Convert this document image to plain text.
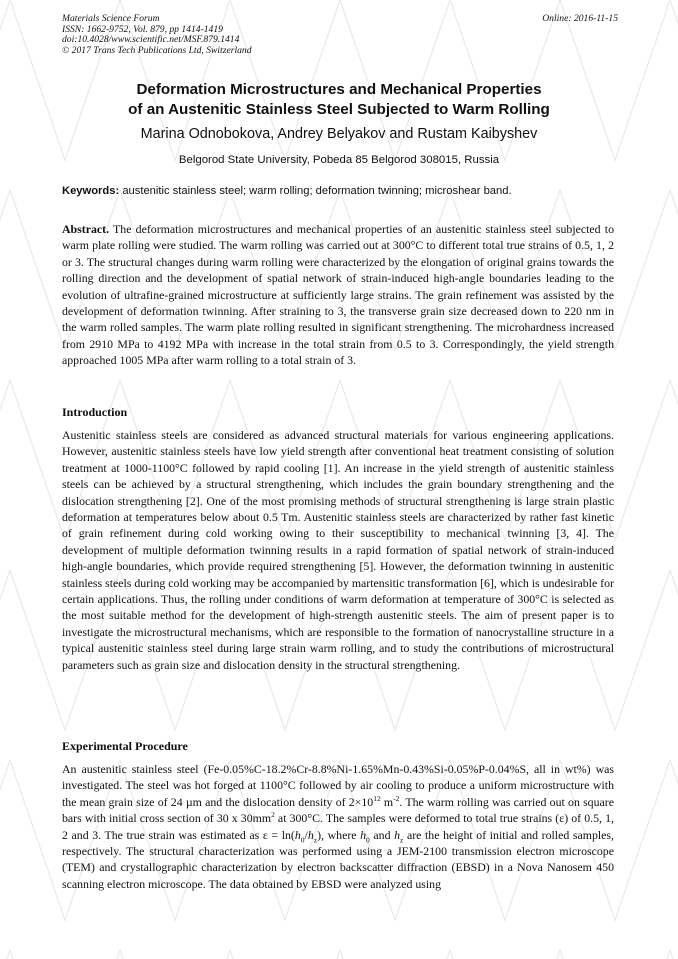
Materials Science Forum
ISSN: 1662-9752, Vol. 879, pp 1414-1419
doi:10.4028/www.scientific.net/MSF.879.1414
© 2017 Trans Tech Publications Ltd, Switzerland
Online: 2016-11-15
Deformation Microstructures and Mechanical Properties
of an Austenitic Stainless Steel Subjected to Warm Rolling
Marina Odnobokova, Andrey Belyakov and Rustam Kaibyshev
Belgorod State University, Pobeda 85 Belgorod 308015, Russia
Keywords: austenitic stainless steel; warm rolling; deformation twinning; microshear band.

Abstract. The deformation microstructures and mechanical properties of an austenitic stainless steel subjected to warm plate rolling were studied. The warm rolling was carried out at 300°C to different total true strains of 0.5, 1, 2 or 3. The structural changes during warm rolling were characterized by the elongation of original grains towards the rolling direction and the development of spatial network of strain-induced high-angle boundaries leading to the evolution of ultrafine-grained microstructure at sufficiently large strains. The grain refinement was assisted by the development of deformation twinning. After straining to 3, the transverse grain size decreased down to 220 nm in the warm rolled samples. The warm plate rolling resulted in significant strengthening. The microhardness increased from 2910 MPa to 4192 MPa with increase in the total strain from 0.5 to 3. Correspondingly, the yield strength approached 1005 MPa after warm rolling to a total strain of 3.

Introduction

Austenitic stainless steels are considered as advanced structural materials for various engineering applications. However, austenitic stainless steels have low yield strength after conventional heat treatment consisting of solution treatment at 1000-1100°C followed by rapid cooling [1]. An increase in the yield strength of austenitic stainless steels can be achieved by a structural strengthening, which includes the grain boundary strengthening and the dislocation strengthening [2]. One of the most promising methods of structural strengthening is large strain plastic deformation at temperatures below about 0.5 Tm. Austenitic stainless steels are characterized by rather fast kinetic of grain refinement during cold working owing to their susceptibility to mechanical twinning [3, 4]. The development of multiple deformation twinning results in a rapid formation of spatial network of strain-induced high-angle boundaries, which provide required strengthening [5]. However, the deformation twinning in austenitic stainless steels during cold working may be accompanied by martensitic transformation [6], which is undesirable for certain applications. Thus, the rolling under conditions of warm deformation at temperature of 300°C is selected as the most suitable method for the development of high-strength austenitic steels. The aim of present paper is to investigate the microstructural mechanisms, which are responsible to the formation of nanocrystalline structure in a typical austenitic stainless steel during large strain warm rolling, and to study the contributions of microstructural parameters such as grain size and dislocation density in the structural strengthening.

Experimental Procedure

An austenitic stainless steel (Fe-0.05%C-18.2%Cr-8.8%Ni-1.65%Mn-0.43%Si-0.05%P-0.04%S, all in wt%) was investigated. The steel was hot forged at 1100°C followed by air cooling to produce a uniform microstructure with the mean grain size of 24 µm and the dislocation density of $2\times 10^{12}$ $m^{-2}$. The warm rolling was carried out on square bars with initial cross section of 30 x $30mm^2$ at 300°C. The samples were deformed to total true strains (ε) of 0.5, 1, 2 and 3. The true strain was estimated as $\varepsilon = \ln(h_0/h_z)$, where $h_0$ and $h_z$ are the height of initial and rolled samples, respectively. The structural characterization was performed using a JEM-2100 transmission electron microscope (TEM) and crystallographic characterization by electron backscatter diffraction (EBSD) in a Nova Nanosem 450 scanning electron microscope. The data obtained by EBSD were analyzed using
